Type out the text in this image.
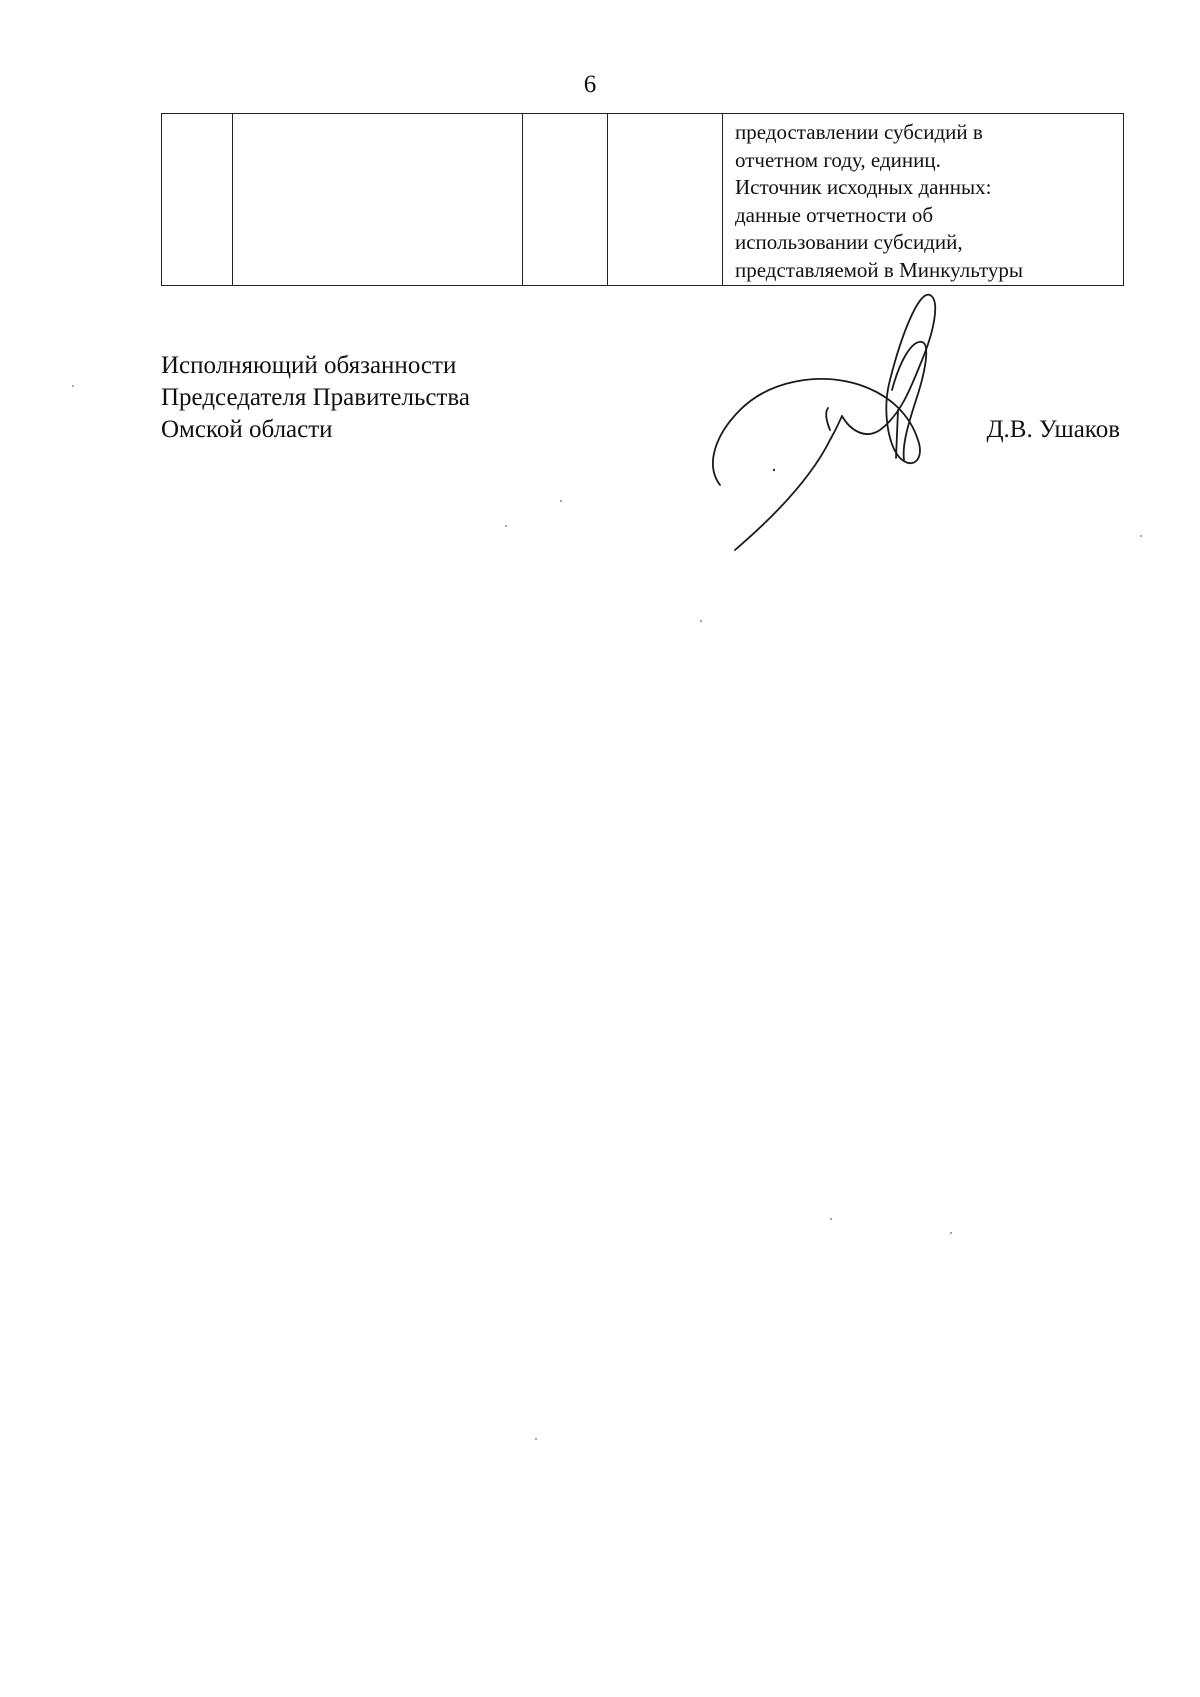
6

предоставлении субсидий в
отчетном году, единиц.
Источник исходных данных:
данные отчетности об
использовании субсидий,
представляемой в Минкультуры
Исполняющий обязанности
Председателя Правительства
Омской области	Д.В. Ушаков
